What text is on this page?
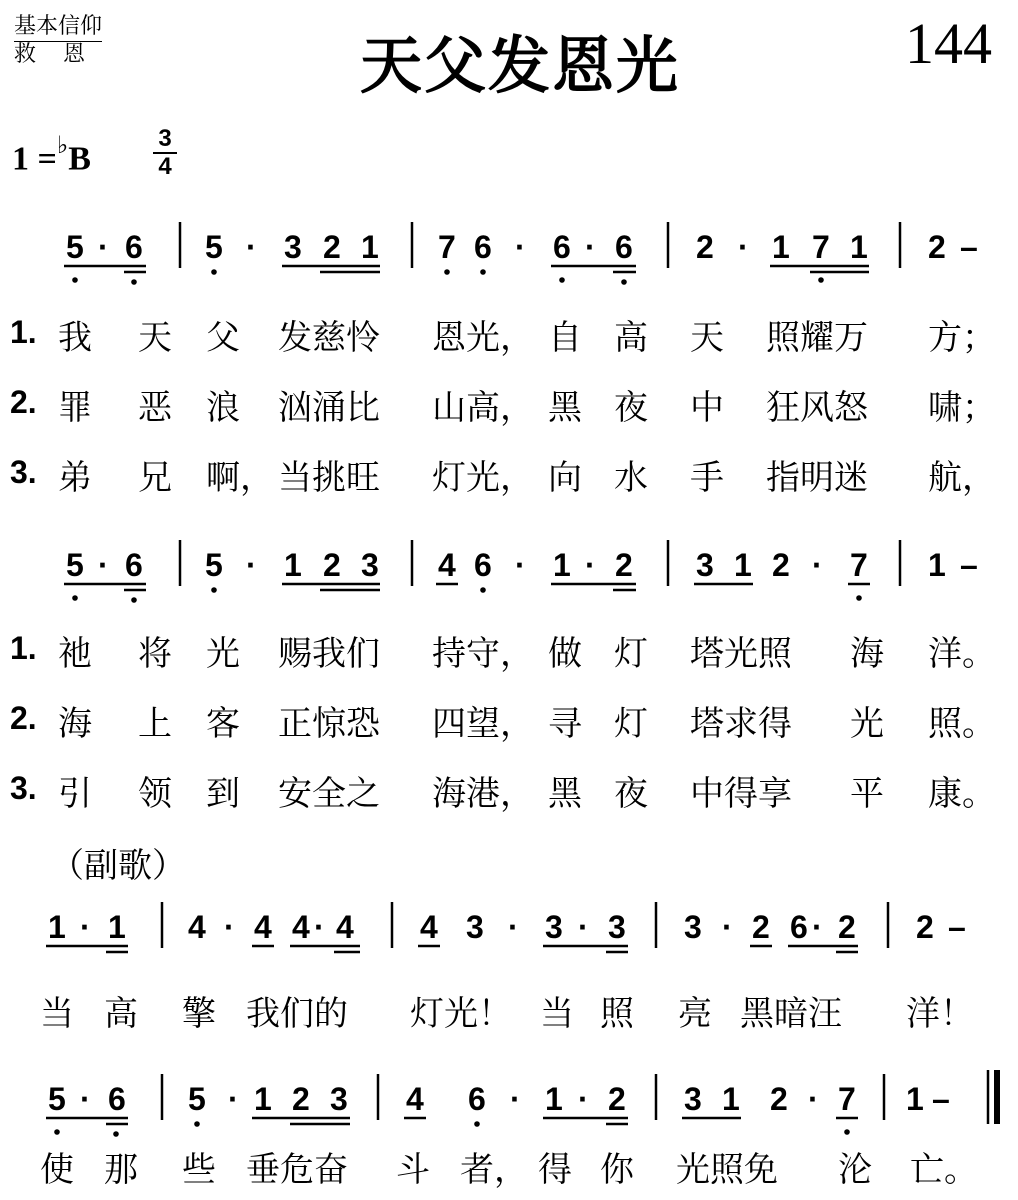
基本信仰
救恩	天父发恩光	144
1 =♭B	$\frac{3}{4}$
5 · 6 5 · 3 2 1 7 6 · 6 · 6 2 · 1 7 1 2 –
5 · 6 5 · 1 2 3 4 6 · 1 · 2 3 1 2 · 7 1 –
1 · 1 4 · 4 4 · 4 4 3 · 3 · 3 3 · 2 6 · 2 2 –
5 · 6 5 · 1 2 3 4 6 · 1 · 2 3 1 2 · 7 1 –
1. 我 天 父 发慈怜 恩光， 自 高 天 照耀万 方；
2. 罪 恶 浪 汹涌比 山高， 黑 夜 中 狂风怒 啸；
3. 弟 兄 啊， 当挑旺 灯光， 向 水 手 指明迷 航，
1. 祂 将 光 赐我们 持守， 做 灯 塔光照 海 洋。
2. 海 上 客 正惊恐 四望， 寻 灯 塔求得 光 照。
3. 引 领 到 安全之 海港， 黑 夜 中得享 平 康。
（副歌）
当 高 擎 我们的 灯光！ 当 照 亮 黑暗汪 洋！
使 那 些 垂危奋 斗 者， 得 你 光照免 沦 亡。
